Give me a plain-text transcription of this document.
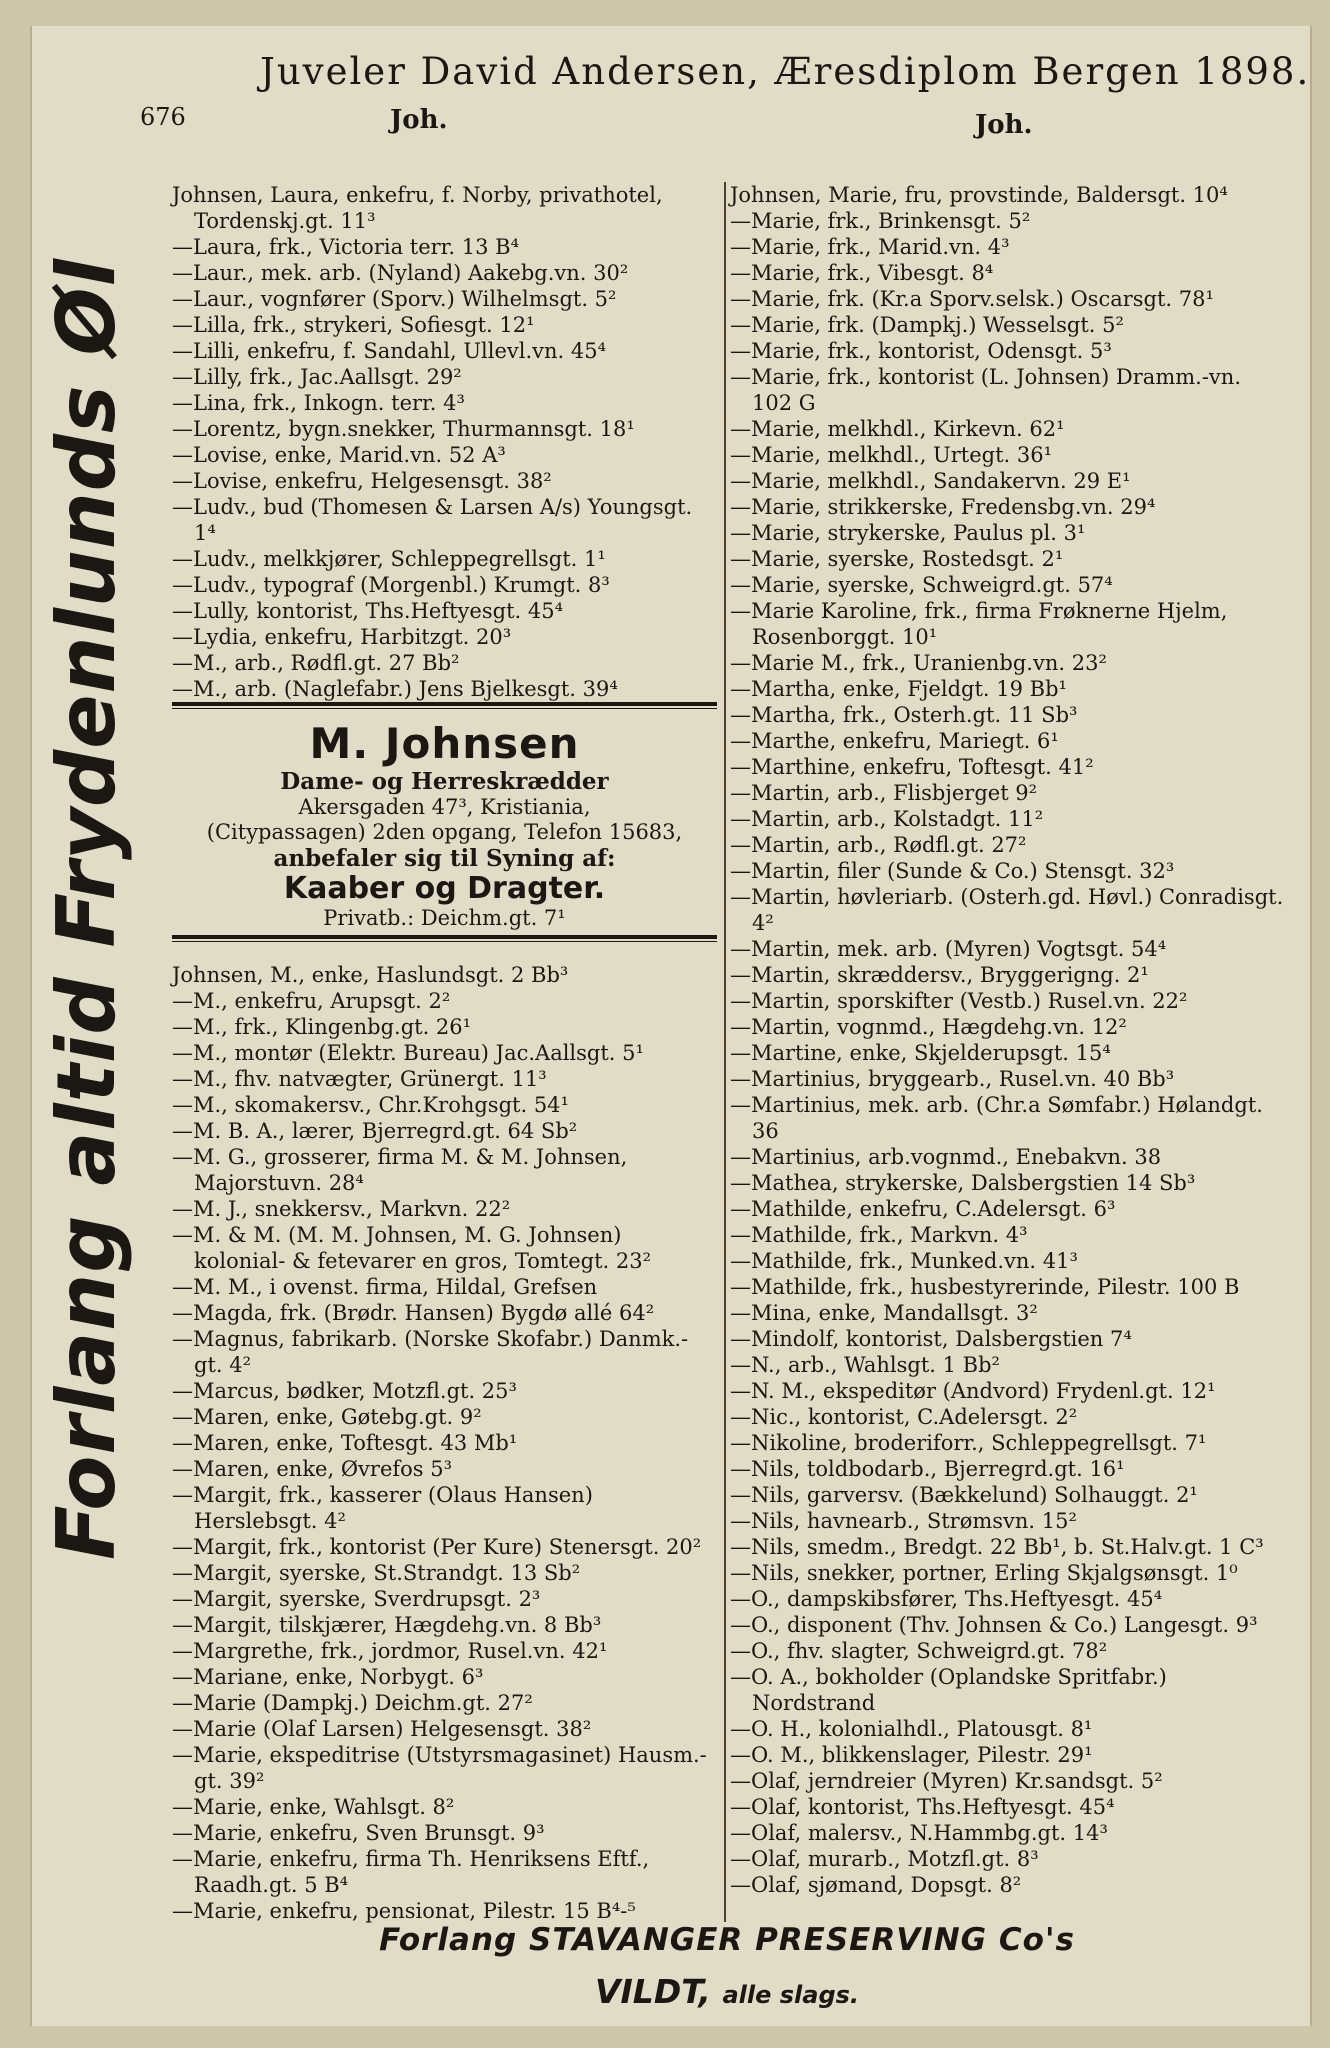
Juveler David Andersen, Æresdiplom Bergen 1898.
676	Joh.	Joh.
Forlang altid Frydenlunds Øl
Johnsen, Laura, enkefru, f. Norby, privathotel, Tordenskj.gt. 11³
—Laura, frk., Victoria terr. 13 B⁴
—Laur., mek. arb. (Nyland) Aakebg.vn. 30²
—Laur., vognfører (Sporv.) Wilhelmsgt. 5²
—Lilla, frk., strykeri, Sofiesgt. 12¹
—Lilli, enkefru, f. Sandahl, Ullevl.vn. 45⁴
—Lilly, frk., Jac.Aallsgt. 29²
—Lina, frk., Inkogn. terr. 4³
—Lorentz, bygn.snekker, Thurmannsgt. 18¹
—Lovise, enke, Marid.vn. 52 A³
—Lovise, enkefru, Helgesensgt. 38²
—Ludv., bud (Thomesen & Larsen A/s) Youngsgt. 1⁴
—Ludv., melkkjører, Schleppegrellsgt. 1¹
—Ludv., typograf (Morgenbl.) Krumgt. 8³
—Lully, kontorist, Ths.Heftyesgt. 45⁴
—Lydia, enkefru, Harbitzgt. 20³
—M., arb., Rødfl.gt. 27 Bb²
—M., arb. (Naglefabr.) Jens Bjelkesgt. 39⁴
M. Johnsen
Dame- og Herreskrædder
Akersgaden 47³, Kristiania,
(Citypassagen) 2den opgang, Telefon 15683,
anbefaler sig til Syning af:
Kaaber og Dragter.
Privatb.: Deichm.gt. 7¹
Johnsen, M., enke, Haslundsgt. 2 Bb³
—M., enkefru, Arupsgt. 2²
—M., frk., Klingenbg.gt. 26¹
—M., montør (Elektr. Bureau) Jac.Aallsgt. 5¹
—M., fhv. natvægter, Grünergt. 11³
—M., skomakersv., Chr.Krohgsgt. 54¹
—M. B. A., lærer, Bjerregrd.gt. 64 Sb²
—M. G., grosserer, firma M. & M. Johnsen, Majorstuvn. 28⁴
—M. J., snekkersv., Markvn. 22²
—M. & M. (M. M. Johnsen, M. G. Johnsen) kolonial- & fetevarer en gros, Tomtegt. 23²
—M. M., i ovenst. firma, Hildal, Grefsen
—Magda, frk. (Brødr. Hansen) Bygdø allé 64²
—Magnus, fabrikarb. (Norske Skofabr.) Danmk.-gt. 4²
—Marcus, bødker, Motzfl.gt. 25³
—Maren, enke, Gøtebg.gt. 9²
—Maren, enke, Toftesgt. 43 Mb¹
—Maren, enke, Øvrefos 5³
—Margit, frk., kasserer (Olaus Hansen) Herslebsgt. 4²
—Margit, frk., kontorist (Per Kure) Stenersgt. 20²
—Margit, syerske, St.Strandgt. 13 Sb²
—Margit, syerske, Sverdrupsgt. 2³
—Margit, tilskjærer, Hægdehg.vn. 8 Bb³
—Margrethe, frk., jordmor, Rusel.vn. 42¹
—Mariane, enke, Norbygt. 6³
—Marie (Dampkj.) Deichm.gt. 27²
—Marie (Olaf Larsen) Helgesensgt. 38²
—Marie, ekspeditrise (Utstyrsmagasinet) Hausm.-gt. 39²
—Marie, enke, Wahlsgt. 8²
—Marie, enkefru, Sven Brunsgt. 9³
—Marie, enkefru, firma Th. Henriksens Eftf., Raadh.gt. 5 B⁴
—Marie, enkefru, pensionat, Pilestr. 15 B⁴-⁵
Johnsen, Marie, fru, provstinde, Baldersgt. 10⁴
—Marie, frk., Brinkensgt. 5²
—Marie, frk., Marid.vn. 4³
—Marie, frk., Vibesgt. 8⁴
—Marie, frk. (Kr.a Sporv.selsk.) Oscarsgt. 78¹
—Marie, frk. (Dampkj.) Wesselsgt. 5²
—Marie, frk., kontorist, Odensgt. 5³
—Marie, frk., kontorist (L. Johnsen) Dramm.-vn. 102 G
—Marie, melkhdl., Kirkevn. 62¹
—Marie, melkhdl., Urtegt. 36¹
—Marie, melkhdl., Sandakervn. 29 E¹
—Marie, strikkerske, Fredensbg.vn. 29⁴
—Marie, strykerske, Paulus pl. 3¹
—Marie, syerske, Rostedsgt. 2¹
—Marie, syerske, Schweigrd.gt. 57⁴
—Marie Karoline, frk., firma Frøknerne Hjelm, Rosenborggt. 10¹
—Marie M., frk., Uranienbg.vn. 23²
—Martha, enke, Fjeldgt. 19 Bb¹
—Martha, frk., Osterh.gt. 11 Sb³
—Marthe, enkefru, Mariegt. 6¹
—Marthine, enkefru, Toftesgt. 41²
—Martin, arb., Flisbjerget 9²
—Martin, arb., Kolstadgt. 11²
—Martin, arb., Rødfl.gt. 27²
—Martin, filer (Sunde & Co.) Stensgt. 32³
—Martin, høvleriarb. (Osterh.gd. Høvl.) Conradisgt. 4²
—Martin, mek. arb. (Myren) Vogtsgt. 54⁴
—Martin, skræddersv., Bryggerigng. 2¹
—Martin, sporskifter (Vestb.) Rusel.vn. 22²
—Martin, vognmd., Hægdehg.vn. 12²
—Martine, enke, Skjelderupsgt. 15⁴
—Martinius, bryggearb., Rusel.vn. 40 Bb³
—Martinius, mek. arb. (Chr.a Sømfabr.) Hølandgt. 36
—Martinius, arb.vognmd., Enebakvn. 38
—Mathea, strykerske, Dalsbergstien 14 Sb³
—Mathilde, enkefru, C.Adelersgt. 6³
—Mathilde, frk., Markvn. 4³
—Mathilde, frk., Munked.vn. 41³
—Mathilde, frk., husbestyrerinde, Pilestr. 100 B
—Mina, enke, Mandallsgt. 3²
—Mindolf, kontorist, Dalsbergstien 7⁴
—N., arb., Wahlsgt. 1 Bb²
—N. M., ekspeditør (Andvord) Frydenl.gt. 12¹
—Nic., kontorist, C.Adelersgt. 2²
—Nikoline, broderiforr., Schleppegrellsgt. 7¹
—Nils, toldbodarb., Bjerregrd.gt. 16¹
—Nils, garversv. (Bækkelund) Solhauggt. 2¹
—Nils, havnearb., Strømsvn. 15²
—Nils, smedm., Bredgt. 22 Bb¹, b. St.Halv.gt. 1 C³
—Nils, snekker, portner, Erling Skjalgsønsgt. 1⁰
—O., dampskibsfører, Ths.Heftyesgt. 45⁴
—O., disponent (Thv. Johnsen & Co.) Langesgt. 9³
—O., fhv. slagter, Schweigrd.gt. 78²
—O. A., bokholder (Oplandske Spritfabr.) Nordstrand
—O. H., kolonialhdl., Platousgt. 8¹
—O. M., blikkenslager, Pilestr. 29¹
—Olaf, jerndreier (Myren) Kr.sandsgt. 5²
—Olaf, kontorist, Ths.Heftyesgt. 45⁴
—Olaf, malersv., N.Hammbg.gt. 14³
—Olaf, murarb., Motzfl.gt. 8³
—Olaf, sjømand, Dopsgt. 8²
Forlang STAVANGER PRESERVING Co's
VILDT, alle slags.
